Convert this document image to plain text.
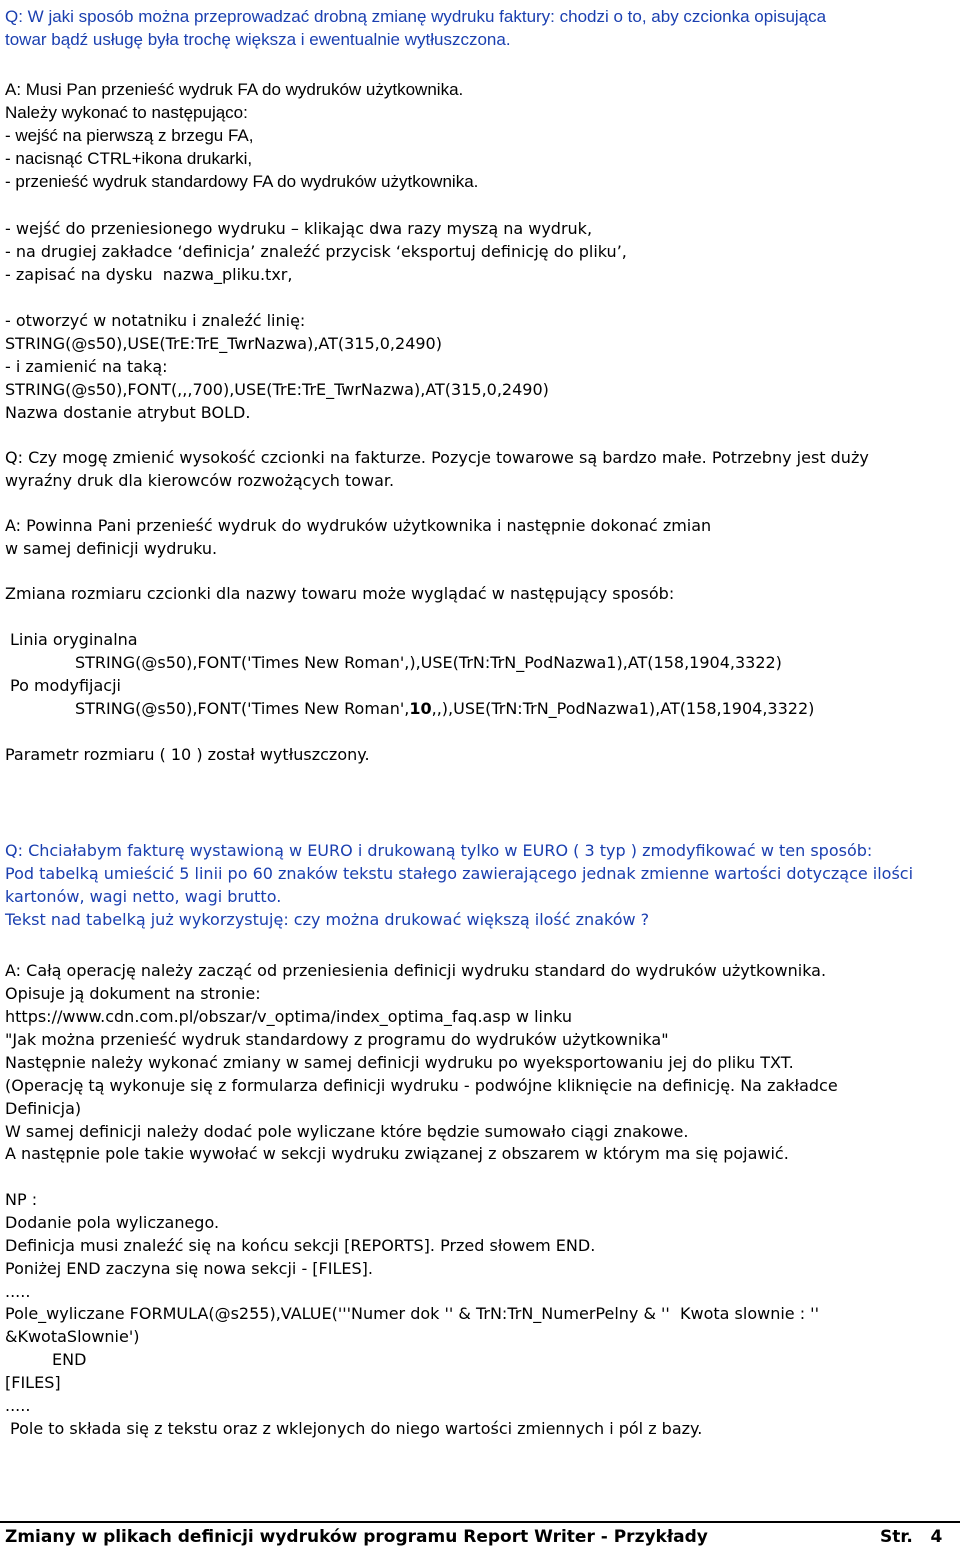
Q: W jaki sposób można przeprowadzać drobną zmianę wydruku faktury: chodzi o to, aby czcionka opisująca
towar bądź usługę była trochę większa i ewentualnie wytłuszczona.
A: Musi Pan przenieść wydruk FA do wydruków użytkownika.
Należy wykonać to następująco:
- wejść na pierwszą z brzegu FA,
- nacisnąć CTRL+ikona drukarki,
- przenieść wydruk standardowy FA do wydruków użytkownika.
- wejść do przeniesionego wydruku – klikając dwa razy myszą na wydruk,
- na drugiej zakładce ‘definicja’ znaleźć przycisk ‘eksportuj definicję do pliku’,
- zapisać na dysku  nazwa_pliku.txr,
- otworzyć w notatniku i znaleźć linię:
STRING(@s50),USE(TrE:TrE_TwrNazwa),AT(315,0,2490)
- i zamienić na taką:
STRING(@s50),FONT(,,,700),USE(TrE:TrE_TwrNazwa),AT(315,0,2490)
Nazwa dostanie atrybut BOLD.
Q: Czy mogę zmienić wysokość czcionki na fakturze. Pozycje towarowe są bardzo małe. Potrzebny jest duży
wyraźny druk dla kierowców rozwożących towar.
A: Powinna Pani przenieść wydruk do wydruków użytkownika i następnie dokonać zmian
w samej definicji wydruku.
Zmiana rozmiaru czcionki dla nazwy towaru może wyglądać w następujący sposób:
Linia oryginalna
STRING(@s50),FONT('Times New Roman',),USE(TrN:TrN_PodNazwa1),AT(158,1904,3322)
Po modyfijacji
STRING(@s50),FONT('Times New Roman',10,,),USE(TrN:TrN_PodNazwa1),AT(158,1904,3322)
Parametr rozmiaru ( 10 ) został wytłuszczony.
Q: Chciałabym fakturę wystawioną w EURO i drukowaną tylko w EURO ( 3 typ ) zmodyfikować w ten sposób:
Pod tabelką umieścić 5 linii po 60 znaków tekstu stałego zawierającego jednak zmienne wartości dotyczące ilości
kartonów, wagi netto, wagi brutto.
Tekst nad tabelką już wykorzystuję: czy można drukować większą ilość znaków ?
A: Całą operację należy zacząć od przeniesienia definicji wydruku standard do wydruków użytkownika.
Opisuje ją dokument na stronie:
https://www.cdn.com.pl/obszar/v_optima/index_optima_faq.asp w linku
"Jak można przenieść wydruk standardowy z programu do wydruków użytkownika"
Następnie należy wykonać zmiany w samej definicji wydruku po wyeksportowaniu jej do pliku TXT.
(Operację tą wykonuje się z formularza definicji wydruku - podwójne kliknięcie na definicję. Na zakładce
Definicja)
W samej definicji należy dodać pole wyliczane które będzie sumowało ciągi znakowe.
A następnie pole takie wywołać w sekcji wydruku związanej z obszarem w którym ma się pojawić.
NP :
Dodanie pola wyliczanego.
Definicja musi znaleźć się na końcu sekcji [REPORTS]. Przed słowem END.
Poniżej END zaczyna się nowa sekcji - [FILES].
.....
Pole_wyliczane FORMULA(@s255),VALUE('''Numer dok '' & TrN:TrN_NumerPelny & ''  Kwota slownie : ''
&KwotaSlownie')
END
[FILES]
.....
Pole to składa się z tekstu oraz z wklejonych do niego wartości zmiennych i pól z bazy.
Zmiany w plikach definicji wydruków programu Report Writer - Przykłady	Str.   4
